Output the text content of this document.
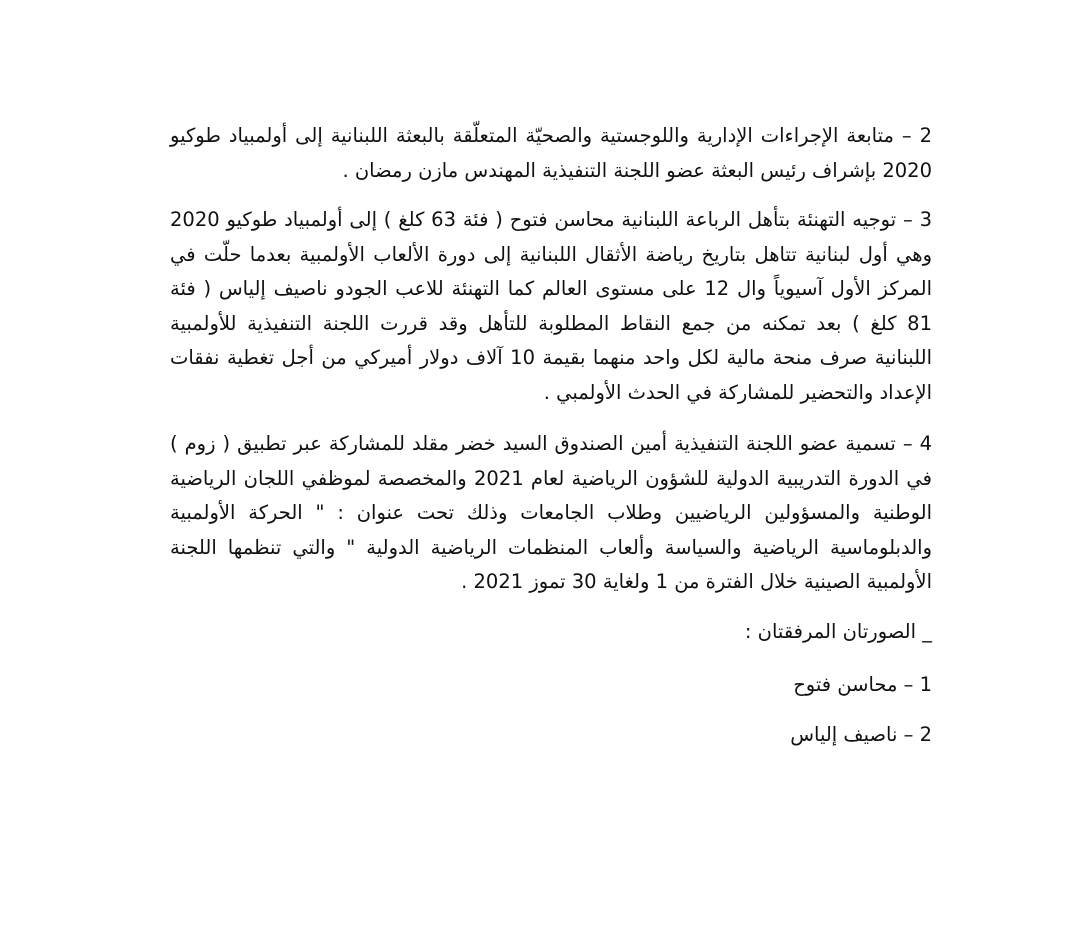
2 – متابعة الإجراءات الإدارية واللوجستية والصحيّة المتعلّقة بالبعثة اللبنانية إلى أولمبياد طوكيو 2020 بإشراف رئيس البعثة عضو اللجنة التنفيذية المهندس مازن رمضان .

3 – توجيه التهنئة بتأهل الرباعة اللبنانية محاسن فتوح ( فئة 63 كلغ ) إلى أولمبياد طوكيو 2020 وهي أول لبنانية تتاهل بتاريخ رياضة الأثقال اللبنانية إلى دورة الألعاب الأولمبية بعدما حلّت في المركز الأول آسيوياً وال 12 على مستوى العالم كما التهنئة للاعب الجودو ناصيف إلياس ( فئة 81 كلغ ) بعد تمكنه من جمع النقاط المطلوبة للتأهل وقد قررت اللجنة التنفيذية للأولمبية اللبنانية صرف منحة مالية لكل واحد منهما بقيمة 10 آلاف دولار أميركي من أجل تغطية نفقات الإعداد والتحضير للمشاركة في الحدث الأولمبي .

4 – تسمية عضو اللجنة التنفيذية أمين الصندوق السيد خضر مقلد للمشاركة عبر تطبيق ( زوم ) في الدورة التدريبية الدولية للشؤون الرياضية لعام 2021 والمخصصة لموظفي اللجان الرياضية الوطنية والمسؤولين الرياضيين وطلاب الجامعات وذلك تحت عنوان : " الحركة الأولمبية والدبلوماسية الرياضية والسياسة وألعاب المنظمات الرياضية الدولية " والتي تنظمها اللجنة الأولمبية الصينية خلال الفترة من 1 ولغاية 30 تموز 2021 .

_ الصورتان المرفقتان :
1 – محاسن فتوح
2 – ناصيف إلياس
